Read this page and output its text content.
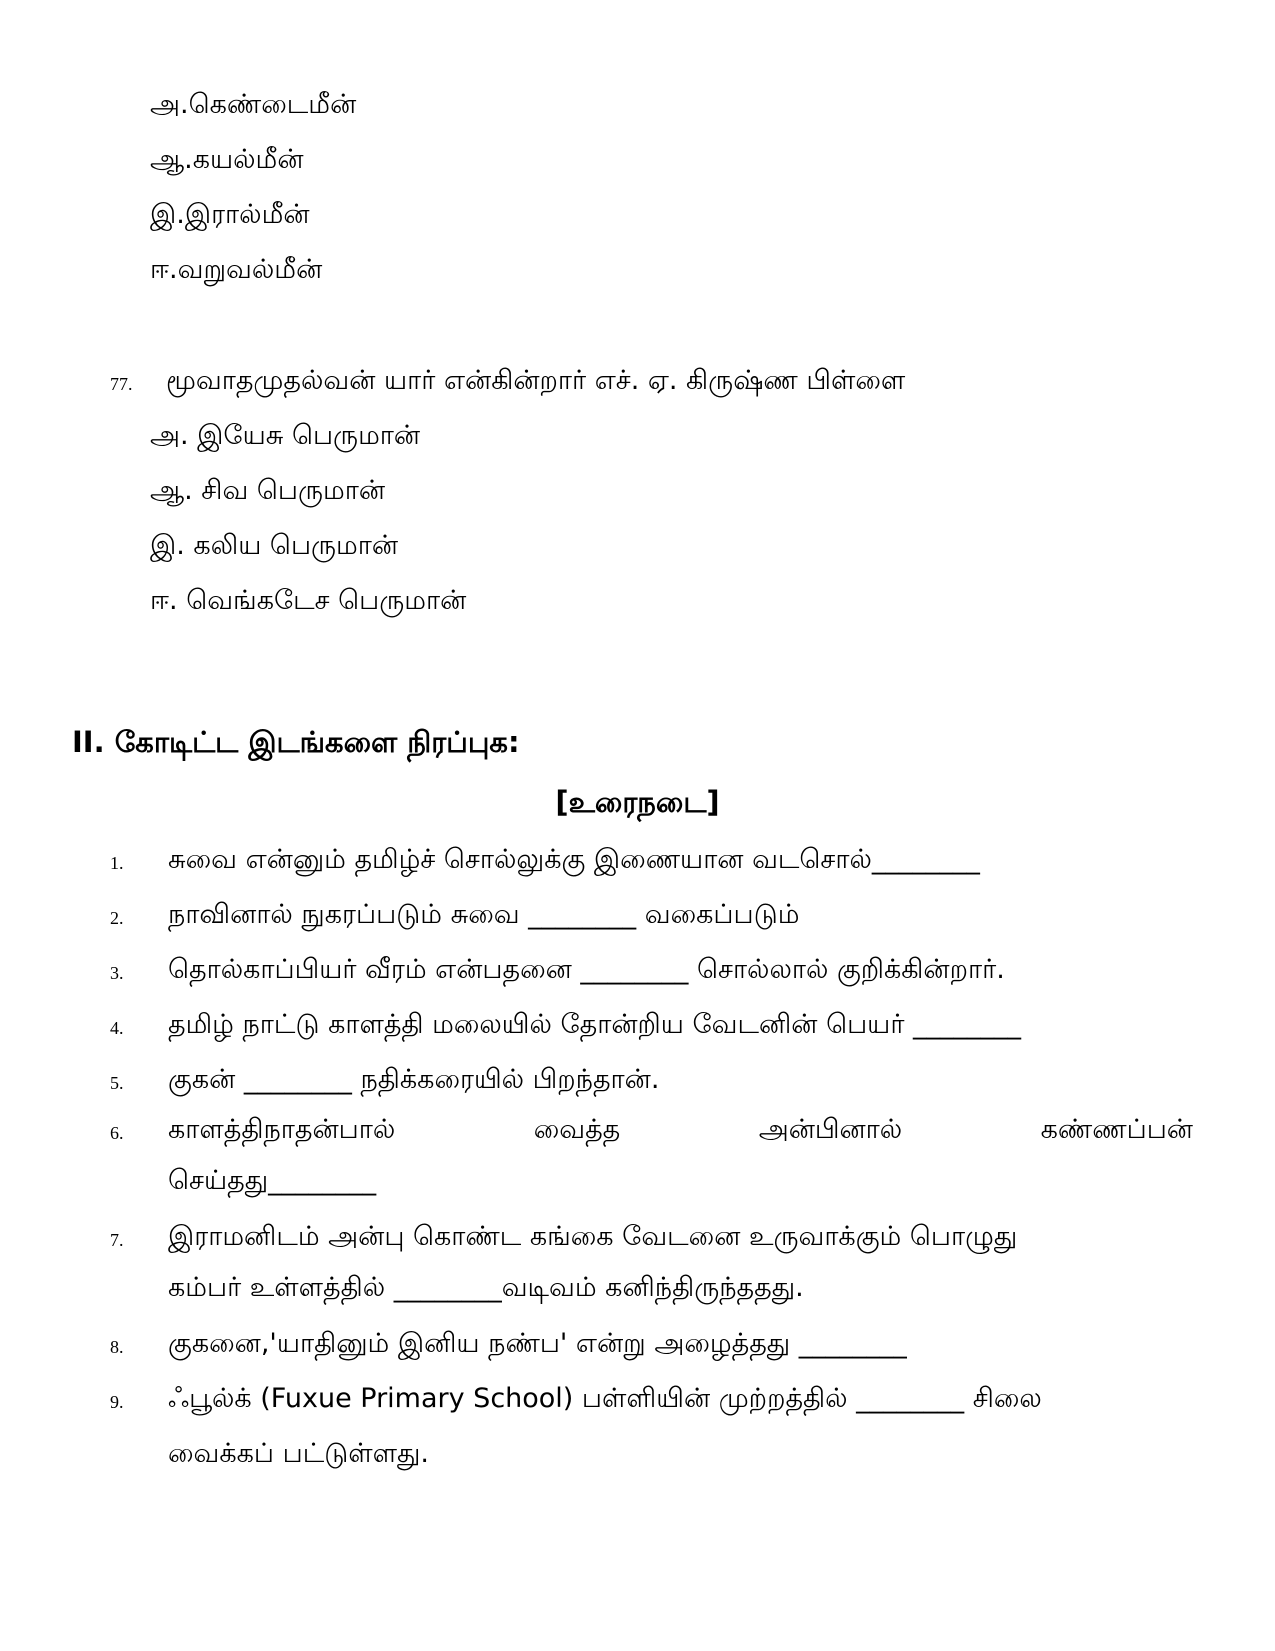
அ.கெண்டைமீன்
ஆ.கயல்மீன்
இ.இரால்மீன்
ஈ.வறுவல்மீன்
77. மூவாதமுதல்வன் யார் என்கின்றார் எச். ஏ. கிருஷ்ண பிள்ளை
அ. இயேசு பெருமான்
ஆ. சிவ பெருமான்
இ. கலிய பெருமான்
ஈ. வெங்கடேச பெருமான்
II. கோடிட்ட இடங்களை நிரப்புக:
[உரைநடை]
1. சுவை என்னும் தமிழ்ச் சொல்லுக்கு இணையான வடசொல்________
2. நாவினால் நுகரப்படும் சுவை ________ வகைப்படும்
3. தொல்காப்பியர் வீரம் என்பதனை ________ சொல்லால் குறிக்கின்றார்.
4. தமிழ் நாட்டு காளத்தி மலையில் தோன்றிய வேடனின் பெயர் ________
5. குகன் ________ நதிக்கரையில் பிறந்தான்.
6. காளத்திநாதன்பால்	வைத்த	அன்பினால்	கண்ணப்பன்
செய்தது________
7. இராமனிடம் அன்பு கொண்ட கங்கை வேடனை உருவாக்கும் பொழுது
கம்பர் உள்ளத்தில் ________வடிவம் கனிந்திருந்ததது.
8. குகனை,'யாதினும் இனிய நண்ப' என்று அழைத்தது ________
9. ஃபூல்க் (Fuxue Primary School) பள்ளியின் முற்றத்தில் ________ சிலை
வைக்கப் பட்டுள்ளது.
